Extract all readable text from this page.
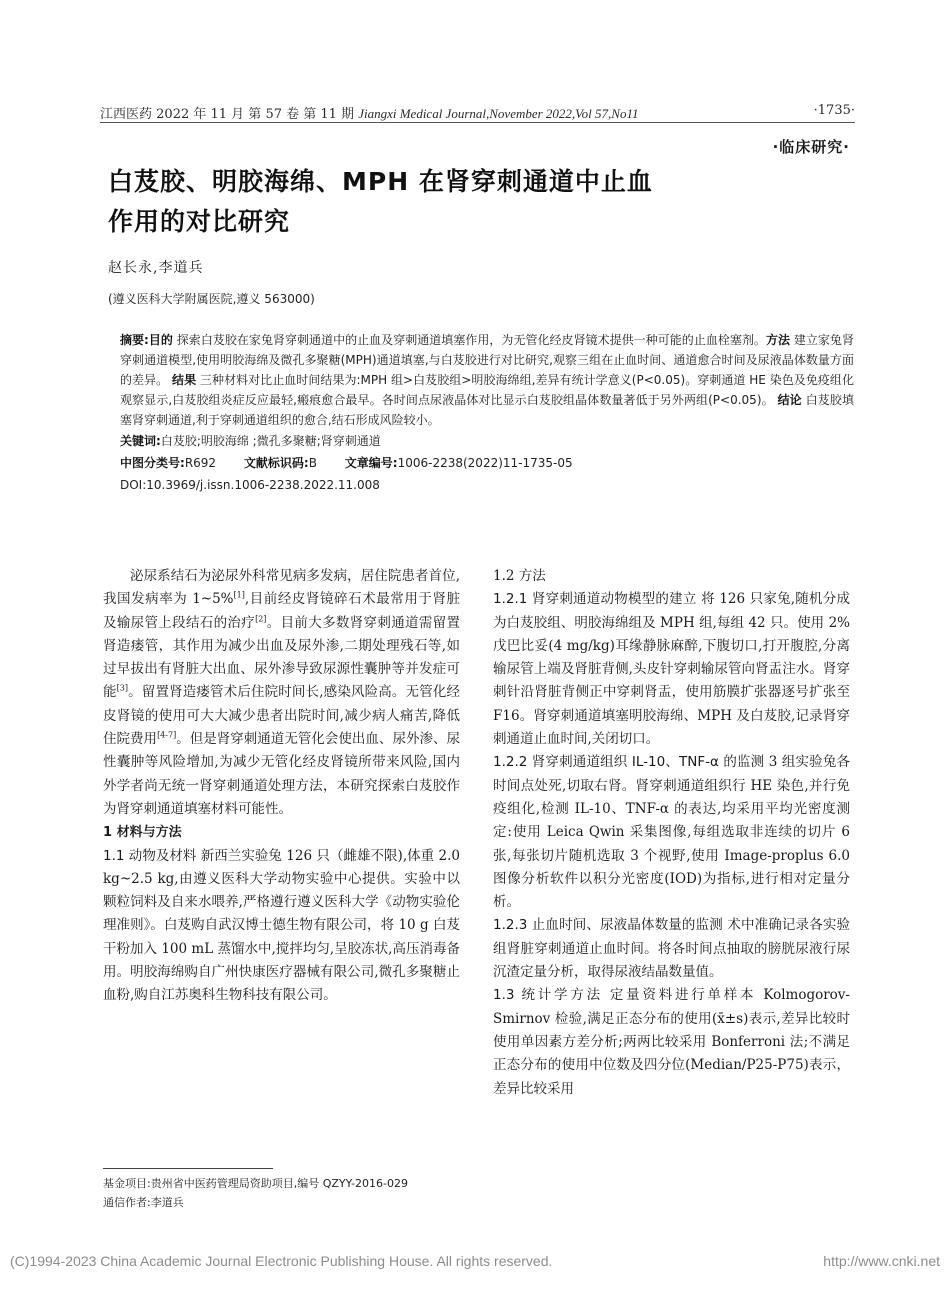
江西医药 2022 年 11 月 第 57 卷 第 11 期 Jiangxi Medical Journal,November 2022,Vol 57,No11	·1735·
·临床研究·
白芨胶、明胶海绵、MPH 在肾穿刺通道中止血作用的对比研究
赵长永,李道兵
(遵义医科大学附属医院,遵义 563000)

摘要:目的 探索白芨胶在家兔肾穿刺通道中的止血及穿刺通道填塞作用，为无管化经皮肾镜术提供一种可能的止血栓塞剂。方法 建立家兔肾穿刺通道模型,使用明胶海绵及微孔多聚糖(MPH)通道填塞,与白芨胶进行对比研究,观察三组在止血时间、通道愈合时间及尿液晶体数量方面的差异。 结果 三种材料对比止血时间结果为:MPH 组>白芨胶组>明胶海绵组,差异有统计学意义(P<0.05)。穿刺通道 HE 染色及免疫组化观察显示,白芨胶组炎症反应最轻,瘢痕愈合最早。各时间点尿液晶体对比显示白芨胶组晶体数量著低于另外两组(P<0.05)。 结论 白芨胶填塞肾穿刺通道,利于穿刺通道组织的愈合,结石形成风险较小。

关键词:白芨胶;明胶海绵 ;微孔多聚糖;肾穿刺通道

中图分类号:R692 文献标识码:B 文章编号:1006-2238(2022)11-1735-05

DOI:10.3969/j.issn.1006-2238.2022.11.008

泌尿系结石为泌尿外科常见病多发病，居住院患者首位,我国发病率为 1~5%[1],目前经皮肾镜碎石术最常用于肾脏及输尿管上段结石的治疗[2]。目前大多数肾穿刺通道需留置肾造瘘管，其作用为减少出血及尿外渗,二期处理残石等,如过早拔出有肾脏大出血、尿外渗导致尿源性囊肿等并发症可能[3]。留置肾造瘘管术后住院时间长,感染风险高。无管化经皮肾镜的使用可大大减少患者出院时间,减少病人痛苦,降低住院费用[4-7]。但是肾穿刺通道无管化会使出血、尿外渗、尿性囊肿等风险增加,为减少无管化经皮肾镜所带来风险,国内外学者尚无统一肾穿刺通道处理方法，本研究探索白芨胶作为肾穿刺通道填塞材料可能性。

1 材料与方法

1.1 动物及材料 新西兰实验兔 126 只（雌雄不限),体重 2.0 kg~2.5 kg,由遵义医科大学动物实验中心提供。实验中以颗粒饲料及自来水喂养,严格遵行遵义医科大学《动物实验伦理准则》。白芨购自武汉博士德生物有限公司，将 10 g 白芨干粉加入 100 mL 蒸馏水中,搅拌均匀,呈胶冻状,高压消毒备用。明胶海绵购自广州快康医疗器械有限公司,微孔多聚糖止血粉,购自江苏奥科生物科技有限公司。

1.2 方法

1.2.1 肾穿刺通道动物模型的建立 将 126 只家兔,随机分成为白芨胶组、明胶海绵组及 MPH 组,每组 42 只。使用 2%戊巴比妥(4 mg/kg)耳缘静脉麻醉,下腹切口,打开腹腔,分离输尿管上端及肾脏背侧,头皮针穿刺输尿管向肾盂注水。肾穿刺针沿肾脏背侧正中穿刺肾盂，使用筋膜扩张器逐号扩张至 F16。肾穿刺通道填塞明胶海绵、MPH 及白芨胶,记录肾穿刺通道止血时间,关闭切口。

1.2.2 肾穿刺通道组织 IL-10、TNF-α 的监测 3 组实验兔各时间点处死,切取右肾。肾穿刺通道组织行 HE 染色,并行免疫组化,检测 IL-10、TNF-α 的表达,均采用平均光密度测定:使用 Leica Qwin 采集图像,每组选取非连续的切片 6 张,每张切片随机选取 3 个视野,使用 Image-proplus 6.0 图像分析软件以积分光密度(IOD)为指标,进行相对定量分析。

1.2.3 止血时间、尿液晶体数量的监测 术中准确记录各实验组肾脏穿刺通道止血时间。将各时间点抽取的膀胱尿液行尿沉渣定量分析，取得尿液结晶数量值。

1.3 统计学方法 定量资料进行单样本 Kolmogorov-Smirnov 检验,满足正态分布的使用(x̄±s)表示,差异比较时使用单因素方差分析;两两比较采用 Bonferroni 法;不满足正态分布的使用中位数及四分位(Median/P25-P75)表示，差异比较采用

基金项目:贵州省中医药管理局资助项目,编号 QZYY-2016-029

通信作者:李道兵

(C)1994-2023 China Academic Journal Electronic Publishing House. All rights reserved.	http://www.cnki.net
